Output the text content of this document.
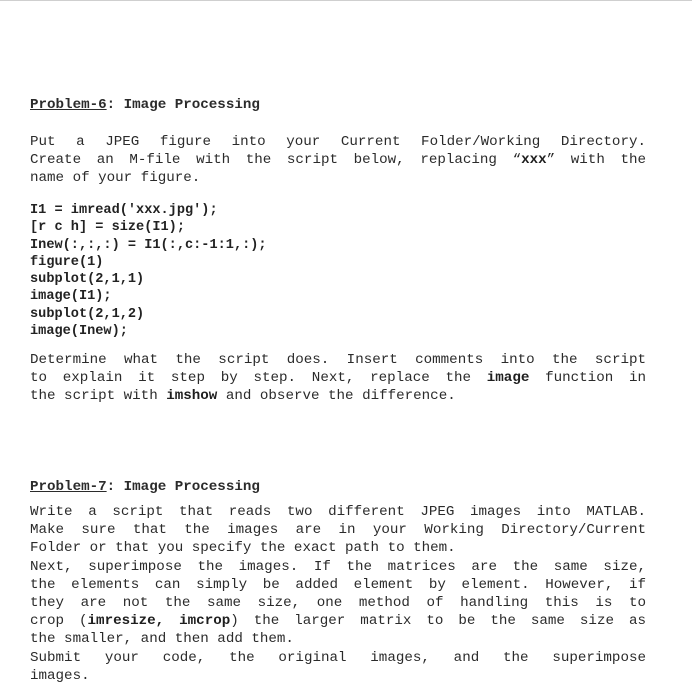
Problem-6: Image Processing
Put a JPEG figure into your Current Folder/Working Directory.
Create an M-file with the script below, replacing “xxx” with the
name of your figure.
I1 = imread('xxx.jpg');
[r c h] = size(I1);
Inew(:,:,:) = I1(:,c:-1:1,:);
figure(1)
subplot(2,1,1)
image(I1);
subplot(2,1,2)
image(Inew);
Determine what the script does. Insert comments into the script
to explain it step by step. Next, replace the image function in
the script with imshow and observe the difference.
Problem-7: Image Processing
Write a script that reads two different JPEG images into MATLAB.
Make sure that the images are in your Working Directory/Current
Folder or that you specify the exact path to them.
Next, superimpose the images. If the matrices are the same size,
the elements can simply be added element by element. However, if
they are not the same size, one method of handling this is to
crop (imresize, imcrop) the larger matrix to be the same size as
the smaller, and then add them.
Submit your code, the original images, and the superimpose
images.
